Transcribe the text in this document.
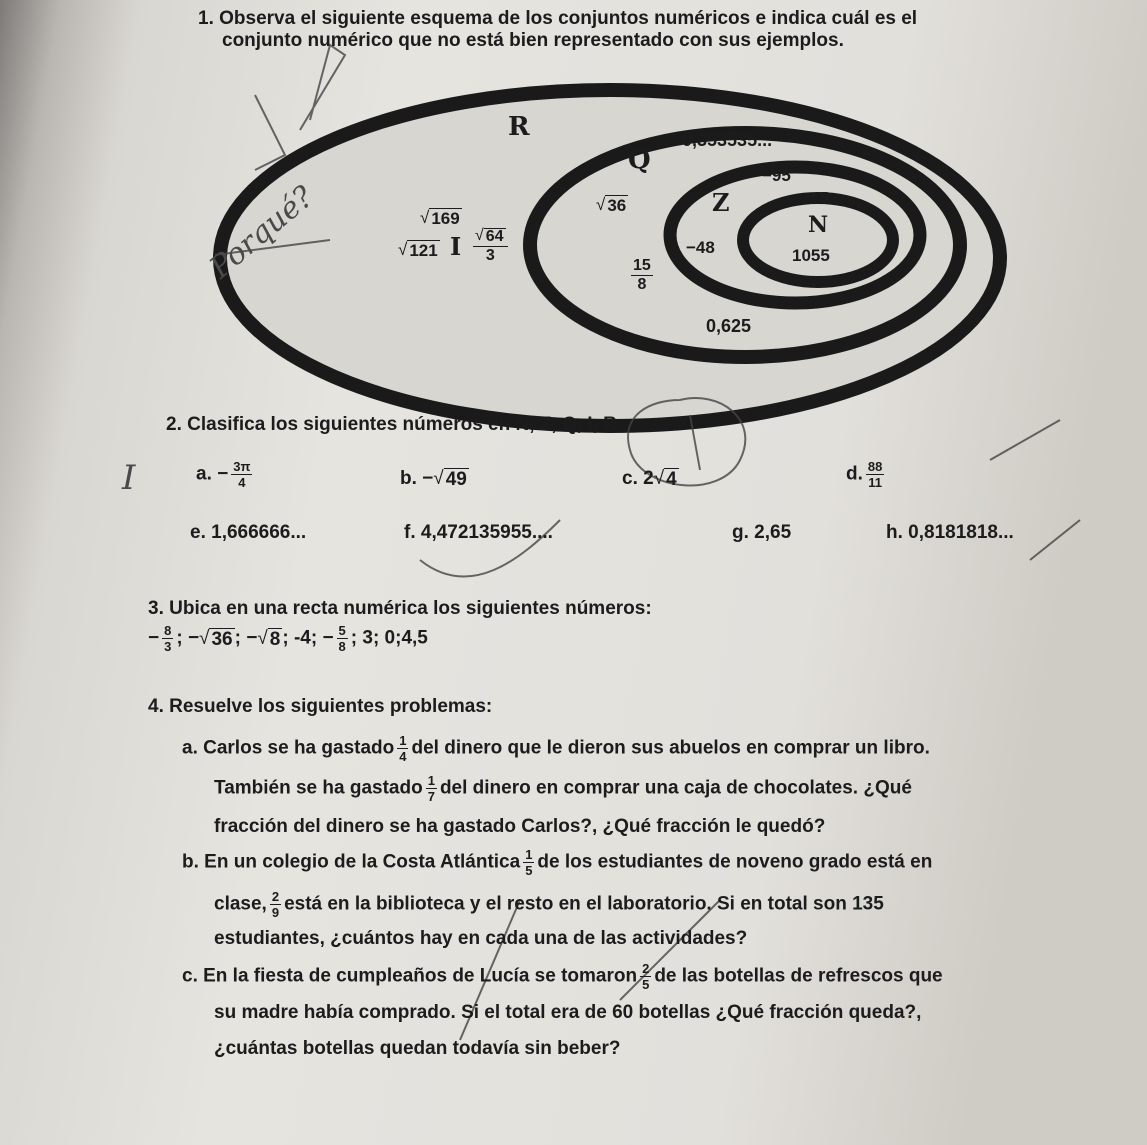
1. Observa el siguiente esquema de los conjuntos numéricos e indica cuál es el
conjunto numérico que no está bien representado con sus ejemplos.
R
Q
Z
N
I
0,353535...
−95
5
√ 36
√ 169
√ $121 \frac{√ 64}{3}$	−48	1055
$\frac{15}{8}$
0,625
Porqué?
I
2. Clasifica los siguientes números en N, Z, Q, I, R
a. − $\frac{3\pi}{4}$	b. − √ 49	c. 2 √ 4	d. $\frac{88}{11}$
e. 1,666666...	f. 4,472135955....	g. 2,65	h. 0,8181818...
3. Ubica en una recta numérica los siguientes números:
− $\frac{8}{3}$ ; − √ 36 ; − √ 8 ; -4; − $\frac{5}{8}$ ; 3; 0;4,5
4. Resuelve los siguientes problemas:
a. Carlos se ha gastado $\frac{1}{4}$ del dinero que le dieron sus abuelos en comprar un libro.
También se ha gastado $\frac{1}{7}$ del dinero en comprar una caja de chocolates. ¿Qué
fracción del dinero se ha gastado Carlos?, ¿Qué fracción le quedó?
b. En un colegio de la Costa Atlántica $\frac{1}{5}$ de los estudiantes de noveno grado está en
clase, $\frac{2}{9}$ está en la biblioteca y el resto en el laboratorio. Si en total son 135
estudiantes, ¿cuántos hay en cada una de las actividades?
c. En la fiesta de cumpleaños de Lucía se tomaron $\frac{2}{5}$ de las botellas de refrescos que
su madre había comprado. Si el total era de 60 botellas ¿Qué fracción queda?,
¿cuántas botellas quedan todavía sin beber?
